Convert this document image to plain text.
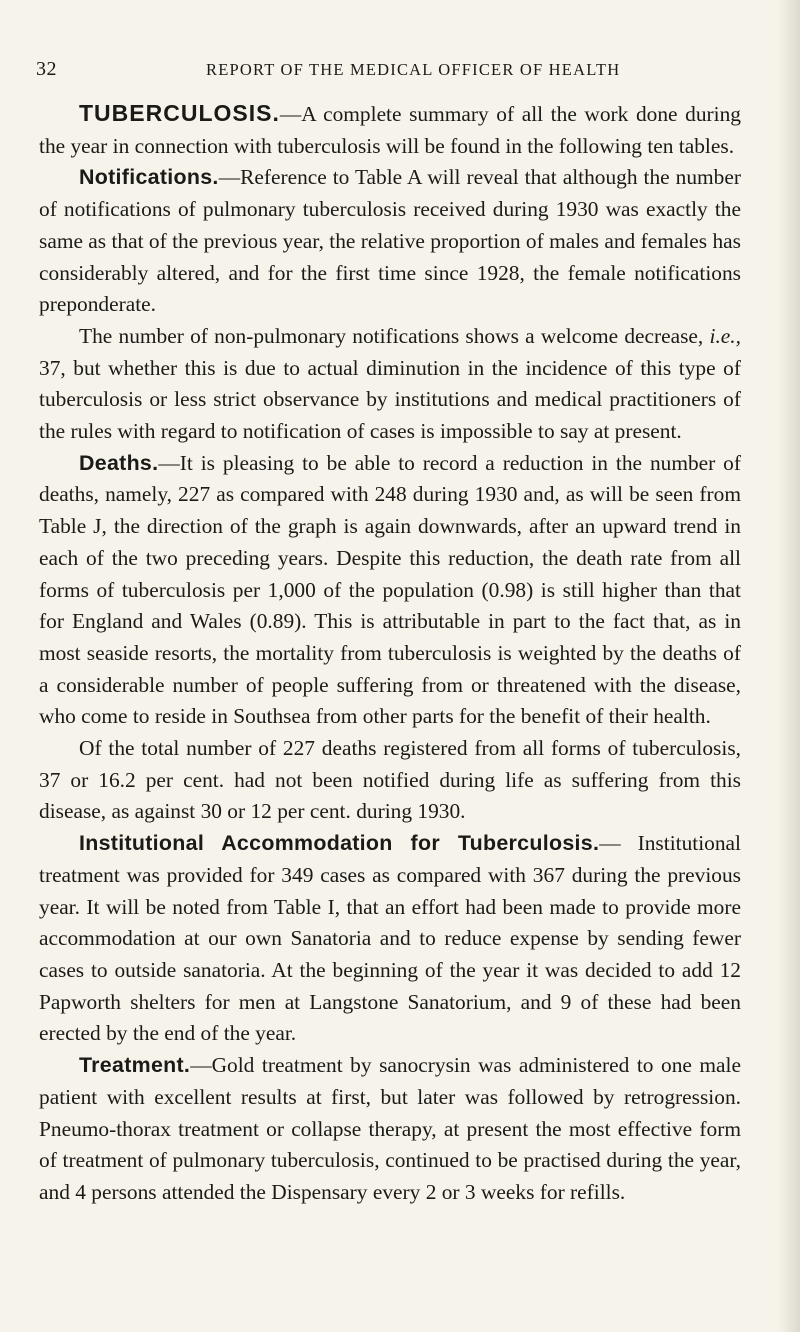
32	REPORT OF THE MEDICAL OFFICER OF HEALTH

TUBERCULOSIS.—A complete summary of all the work done during the year in connection with tuberculosis will be found in the following ten tables.

Notifications.—Reference to Table A will reveal that although the number of notifications of pulmonary tuberculosis received during 1930 was exactly the same as that of the previous year, the relative proportion of males and females has considerably altered, and for the first time since 1928, the female notifications preponderate.

The number of non-pulmonary notifications shows a welcome decrease, i.e., 37, but whether this is due to actual diminution in the incidence of this type of tuberculosis or less strict observance by institutions and medical practitioners of the rules with regard to notification of cases is impossible to say at present.

Deaths.—It is pleasing to be able to record a reduction in the number of deaths, namely, 227 as compared with 248 during 1930 and, as will be seen from Table J, the direction of the graph is again downwards, after an upward trend in each of the two preceding years. Despite this reduction, the death rate from all forms of tuberculosis per 1,000 of the population (0.98) is still higher than that for England and Wales (0.89). This is attributable in part to the fact that, as in most seaside resorts, the mortality from tuberculosis is weighted by the deaths of a considerable number of people suffering from or threatened with the disease, who come to reside in Southsea from other parts for the benefit of their health.

Of the total number of 227 deaths registered from all forms of tuberculosis, 37 or 16.2 per cent. had not been notified during life as suffering from this disease, as against 30 or 12 per cent. during 1930.

Institutional Accommodation for Tuberculosis.— Institutional treatment was provided for 349 cases as compared with 367 during the previous year. It will be noted from Table I, that an effort had been made to provide more accommodation at our own Sanatoria and to reduce expense by sending fewer cases to outside sanatoria. At the beginning of the year it was decided to add 12 Papworth shelters for men at Langstone Sanatorium, and 9 of these had been erected by the end of the year.

Treatment.—Gold treatment by sanocrysin was administered to one male patient with excellent results at first, but later was followed by retrogression. Pneumo-thorax treatment or collapse therapy, at present the most effective form of treatment of pulmonary tuberculosis, continued to be practised during the year, and 4 persons attended the Dispensary every 2 or 3 weeks for refills.
